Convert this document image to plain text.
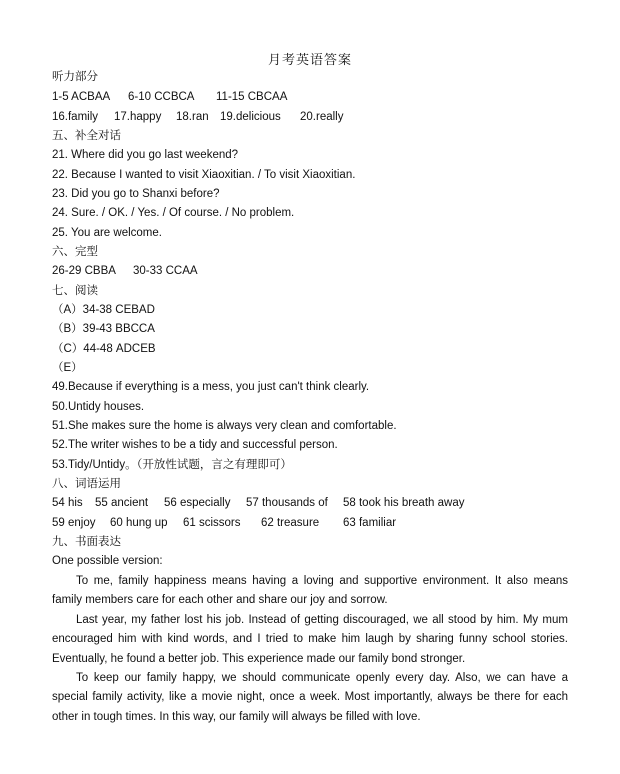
月考英语答案
听力部分
1-5 ACBAA 6-10 CCBCA 11-15 CBCAA
16.family 17.happy 18.ran 19.delicious 20.really
五、补全对话
21. Where did you go last weekend?
22. Because I wanted to visit Xiaoxitian. / To visit Xiaoxitian.
23. Did you go to Shanxi before?
24. Sure. / OK. / Yes. / Of course. / No problem.
25. You are welcome.
六、完型
26-29 CBBA 30-33 CCAA
七、阅读
（A）34-38 CEBAD
（B）39-43 BBCCA
（C）44-48 ADCEB
（E）
49.Because if everything is a mess, you just can't think clearly.
50.Untidy houses.
51.She makes sure the home is always very clean and comfortable.
52.The writer wishes to be a tidy and successful person.
53.Tidy/Untidy。（开放性试题，言之有理即可）
八、词语运用
54 his 55 ancient 56 especially 57 thousands of 58 took his breath away
59 enjoy 60 hung up 61 scissors 62 treasure 63 familiar
九、书面表达
One possible version:
To me, family happiness means having a loving and supportive environment. It also means family members care for each other and share our joy and sorrow.
Last year, my father lost his job. Instead of getting discouraged, we all stood by him. My mum encouraged him with kind words, and I tried to make him laugh by sharing funny school stories. Eventually, he found a better job. This experience made our family bond stronger.
To keep our family happy, we should communicate openly every day. Also, we can have a special family activity, like a movie night, once a week. Most importantly, always be there for each other in tough times. In this way, our family will always be filled with love.
